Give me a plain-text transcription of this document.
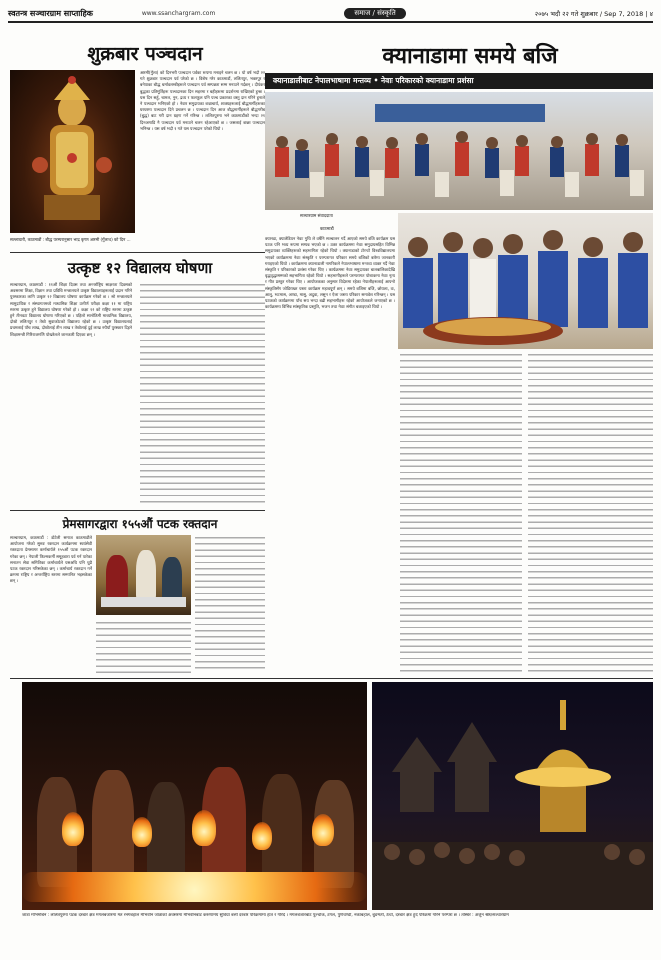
स्वतन्त्र सञ्चारग्राम साप्ताहिक	www.ssanchargram.com	समाज / संस्कृति	२०७५ भदौ २२ गते शुक्रबार / Sep 7, 2018 | ४
शुक्रबार पञ्चदान
सल्लाघारी, काठमाडौं : बौद्ध परम्परानुसार भाद्र कृष्ण अष्टमी (गुँलाथ) को दिन ...
अष्टमी(गुँला) को दिनभरी पञ्चदान पर्वका रूपमा मनाइने चलन छ । यो वर्ष भदौ २२ गते शुक्रबार पञ्चदान पर्व परेको छ । विशेष गरेर काठमाडौं, ललितपुर, भक्तपुर र बनेपाका बौद्ध धर्मावलम्बीहरूले पञ्चदान पर्व सम्पन्नता सम्म मनाउने गर्दछन् । दीपंकर बुद्धका प्रतिमूर्तिहरू पञ्चदानका दिन सहरमा र बहीहरूमा प्रदर्शनमा राखिएको हुन्छ । यस दिन सर्हु, चामल, नुन, द्रव्य र फलफूल पनि पञ्च प्रकारका वस्तु दान गरिने हुनाले ने पञ्चदान भनिएको हो । नेवार समुदायका बज्राचार्य, शाक्यहरूलाई बौद्धमार्गीहरूका घरघरमा पञ्चदान दिने प्रचलन छ । पञ्चदान दिन आज बौद्धमार्गीहरूले बौद्धगरीब (बुद्ध) बाट गरी दान ग्रहण गर्ने गरिन्छ । ललितपुरमा भने काठमाडौंको भन्दा २१ दिनअगाडि नै पञ्चदान पर्व मनाउने चलन रहेआएको छ । जसलाई बाछा पञ्चदान भनिन्छ । यस वर्ष भदौ १ गते यस पञ्चदान परेको थियो ।
उत्कृष्ट १२ विद्यालय घोषणा
सञ्चारग्राम, काठमाडौं : ११औं शिक्षा दिवस तथा अन्तर्राष्ट्रिय साक्षरता दिवसको अवसरमा शिक्षा, विज्ञान तथा प्रविधि मन्त्रालयले उत्कृष्ट विद्यालयहरूलाई प्रदान गरिने पुरस्कारका लागि उत्कृष्ट १२ विद्यालय घोषणा कार्यक्रम गरेको छ । सो मन्त्रालयले सामुदायिक र संस्थागतमध्ये माध्यमिक शिक्षा उत्तीर्ण परीक्षा कक्षा ११ मा राष्ट्रिय स्तरमा उत्कृष्ट हुने विद्यालय घोषणा गरेको हो । कक्षा १२ को राष्ट्रिय स्तरमा उत्कृष्ट हुने तीनवटा विद्यालय घोषणा गरिएको छ । पहिलो सानोठिमी माध्यमिक विद्यालय, दोस्रो ललितपुर र तेस्रो सुवाकोटको विद्यालय रहेको छ । उत्कृष्ट विद्यालयलाई प्रथमलाई पाँच लाख, दोस्रोलाई तीन लाख र तेस्रोलाई दुई लाख रुपैयाँ पुरस्कार दिइने शिक्षामन्त्री गिरिराजमणि पोखरेलले जानकारी दिएका छन् ।
प्रेमसागरद्वारा १५५औं पटक रक्तदान
सञ्चारग्राम, काठमाडौं : डोटेली समाज काठमाडौंले आयोजना गरेको सुरुङ रक्तदान कार्यक्रममा स्वयंसेवी रक्तदाता प्रेमसागर कर्माचार्यले १५५औं पटक रक्तदान गरेका छन् । नेपाली फिल्मकर्मी समूहबारा पर्व गर्न पारेका सनातन सेवा समितिका कर्माचार्यले यसअघि पनि थुप्रै पटक रक्तदान गरिसकेका छन् । कर्माचार्य रक्तदान गर्ने क्रममा राष्ट्रिय र अन्तर्राष्ट्रिय स्तरमा सम्मानित भइसकेका छन् ।
क्यानाडामा समये बजि
क्यानाडालीबाट नेपालभाषामा मन्तव्य • नेवाः परिकारको क्यानाडामा प्रशंसा
सञ्चारग्राम संवाददाता
काठमाडौं
क्यानडा, क्यालेडियन नेवाः गुथि ले वर्षेनि सञ्चालन गर्दै आएको समये बजि कार्यक्रम यस पटक पनि भव्य रूपमा सम्पन्न भएको छ । उक्त कार्यक्रममा नेवाः समुदायसहित विभिन्न समुदायका व्यक्तिहरूको सहभागिता रहेको थियो । क्यानाडाको टोरन्टो विश्वविद्यालयमा भएको कार्यक्रममा नेवाः संस्कृति र परम्परागत परिकार समये बजिको बारेमा जानकारी गराइएको थियो । कार्यक्रममा क्यानाडाली नागरिकले नेपालभाषामा मन्तव्य व्यक्त गर्दै नेवाः संस्कृति र परिकारको प्रशंसा गरेका थिए । कार्यक्रममा नेवाः समुदायका बालबालिकादेखि वृद्धवृद्धासम्मको सहभागिता रहेको थियो । सहभागीहरूले परम्परागत पोशाकमा नेवाः नृत्य र गीत प्रस्तुत गरेका थिए । आयोजकका अनुसार विदेशमा रहेका नेपालीहरूलाई आफ्नो संस्कृतिसँग जोडिराख्न यस्ता कार्यक्रम महत्वपूर्ण छन् । समये बजिमा बजि, छोयला, वः, आलु, भटमास, अण्डा, मासु, अदुवा, लसुन र ऐला जस्ता परिकार समावेश गरिन्छन् । यस पटकको कार्यक्रममा पाँच सय भन्दा बढी सहभागीहरू रहेको आयोजकले जनाएको छ । कार्यक्रममा विभिन्न सांस्कृतिक प्रस्तुति, भजन तथा नेवाः संगीत बजाइएको थियो ।
जात्रा मीभमबिन : ललितपुरमा पटक दरबार क्षेत्र मंगलबजारमा मत रनगबहाल मीभवीन जात्राको अवसरमा मीभवीनबाट करुणामय सुविधा बत्ती दरबार परिक्रमामा हात र गरिदै । मंगलबजारबाट पुल्चोक, टंगल, पुर्णचण्डी, नकाबहाल, बुङमती, ठेचो, दरबार क्षेत्र हुँदै परिक्रमा गरिने परम्परा छ । तस्बिर : अर्जुन श्रेष्ठ/सञ्चारग्राम
